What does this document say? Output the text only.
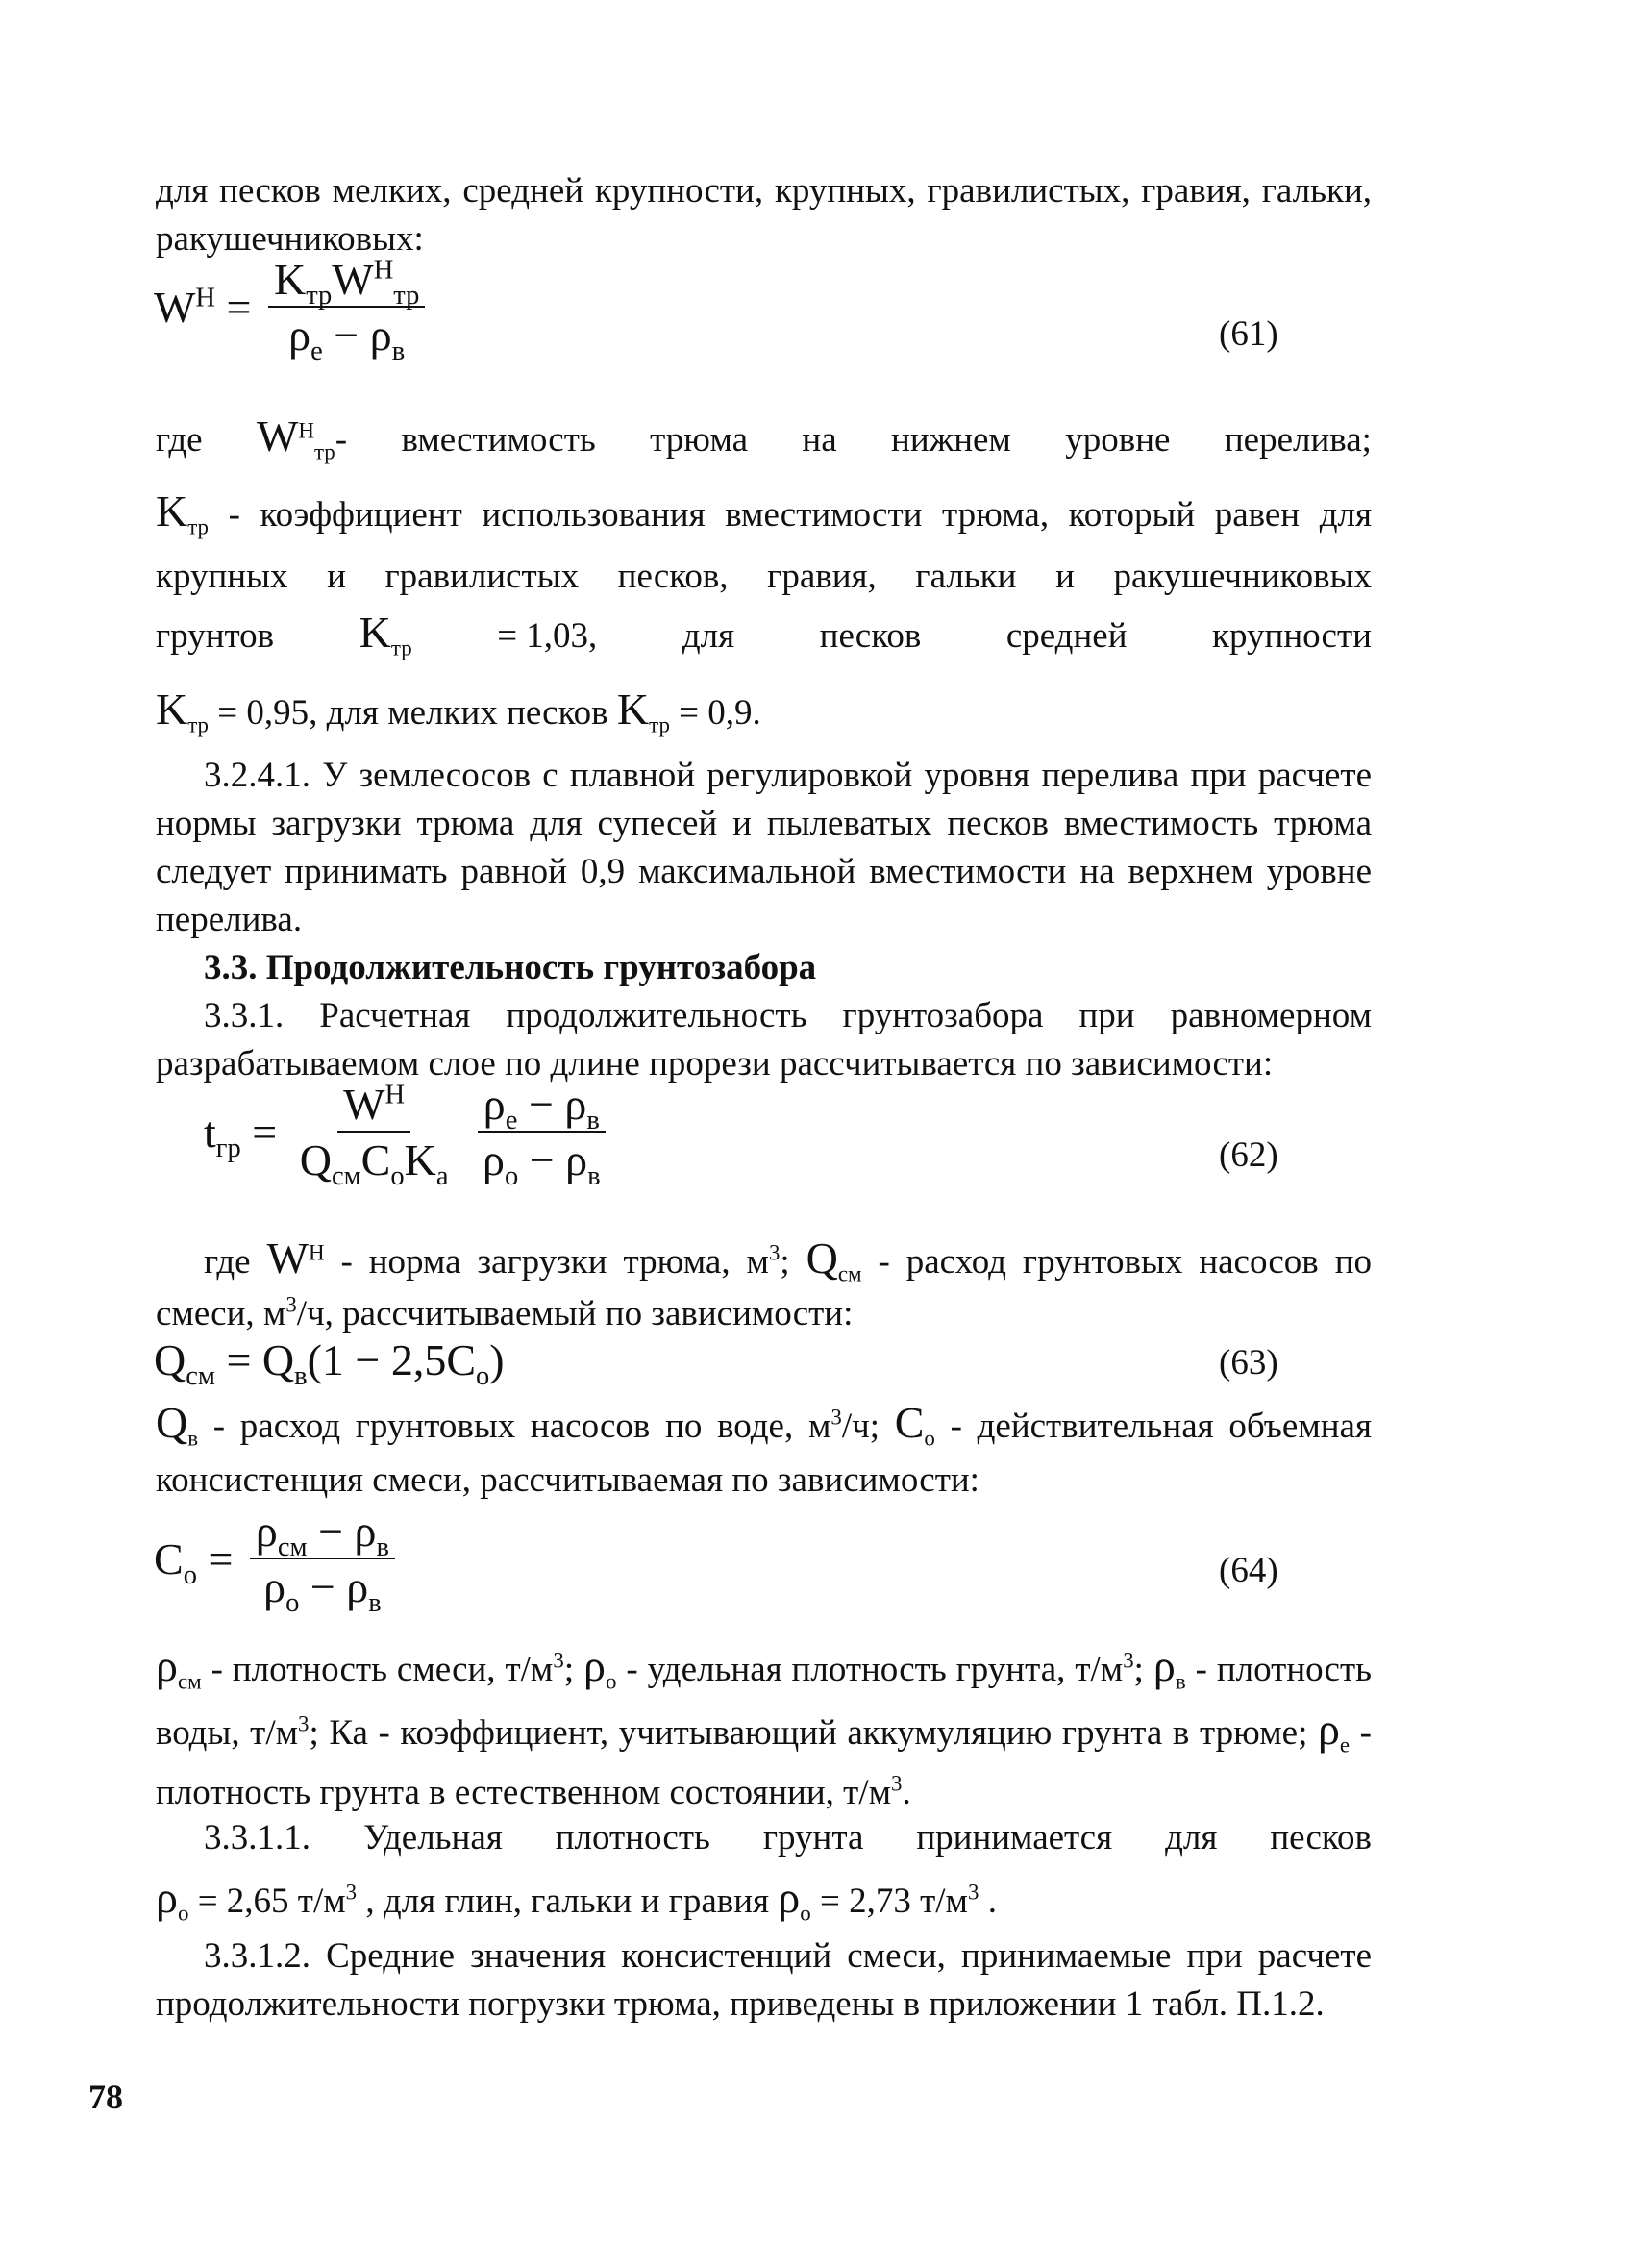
для песков мелких, средней крупности, крупных, гравилистых, гравия, гальки, ракушечниковых:
$W^H = \frac{K_{тр}W^H_{тр}}{\rho_е - \rho_в}$	(61)
где $W^H_{тр}-$ вместимость трюма на нижнем уровне перелива;
$K_{тр}$ - коэффициент использования вместимости трюма, который равен для крупных и гравилистых песков, гравия, гальки и ракушечниковых
грунтов $K_{тр} = 1,03$, для песков средней крупности
$K_{тр} = 0,95$, для мелких песков $K_{тр} = 0,9$.
3.2.4.1. У землесосов с плавной регулировкой уровня перелива при расчете нормы загрузки трюма для супесей и пылеватых песков вместимость трюма следует принимать равной 0,9 максимальной вместимости на верхнем уровне перелива.
3.3. Продолжительность грунтозабора
3.3.1. Расчетная продолжительность грунтозабора при равномерном разрабатываемом слое по длине прорези рассчитывается по зависимости:
$t_{гр} = \frac{W^H}{Q_{см}C_оK_а}$
$\frac{\rho_е - \rho_в}{\rho_о - \rho_в}$	(62)
где $W^H$ - норма загрузки трюма, $м^3$; $Q_{см}$ - расход грунтовых насосов по смеси, $м^3/ч$, рассчитываемый по зависимости:
$Q_{см} = Q_в(1 - 2,5C_о)$	(63)
$Q_в$ - расход грунтовых насосов по воде, $м^3/ч$; $C_о$ - действительная объемная консистенция смеси, рассчитываемая по зависимости:
$C_о = \frac{\rho_{см} - \rho_в}{\rho_о - \rho_в}$	(64)
$\rho_{см}$ - плотность смеси, $т/м^3$; $\rho_о$ - удельная плотность грунта, $т/м^3$; $\rho_в$ - плотность воды, $т/м^3$; Ка - коэффициент, учитывающий аккумуляцию грунта в трюме; $\rho_е$ - плотность грунта в естественном состоянии, $т/м^3$.
3.3.1.1. Удельная плотность грунта принимается для песков
$\rho_о = 2,65$ $т/м^3$ , для глин, гальки и гравия $\rho_о = 2,73$ $т/м^3$ .
3.3.1.2. Средние значения консистенций смеси, принимаемые при расчете продолжительности погрузки трюма, приведены в приложении 1 табл. П.1.2.
78
